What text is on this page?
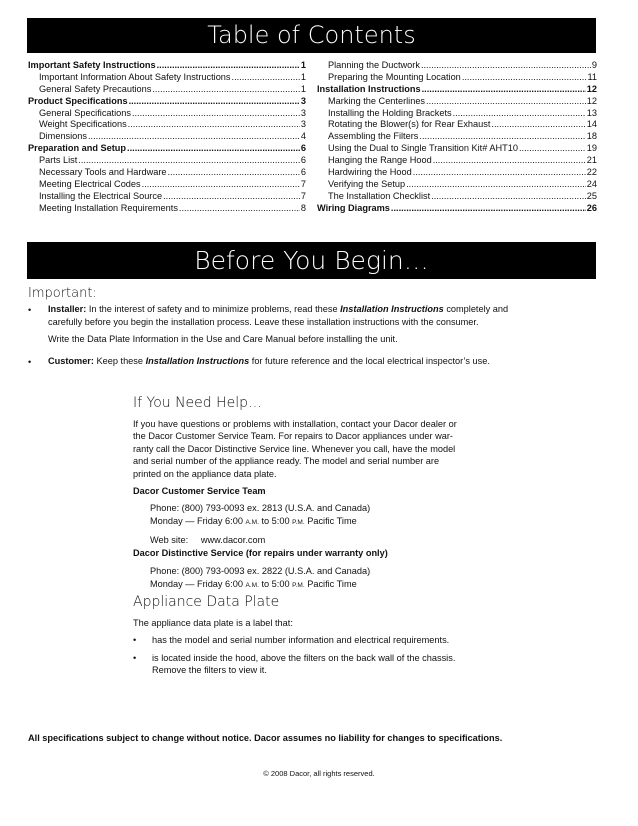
Table of Contents
Important Safety Instructions .....	1
Important Information About Safety Instructions .....	1
General Safety Precautions .....	1
Product Specifications .....	3
General Specifications .....	3
Weight Specifications .....	3
Dimensions .....	4
Preparation and Setup .....	6
Parts List .....	6
Necessary Tools and Hardware .....	6
Meeting Electrical Codes .....	7
Installing the Electrical Source .....	7
Meeting Installation Requirements .....	8
Planning the Ductwork .....	9
Preparing the Mounting Location .....	11
Installation Instructions .....	12
Marking the Centerlines .....	12
Installing the Holding Brackets .....	13
Rotating the Blower(s) for Rear Exhaust .....	14
Assembling the Filters .....	18
Using the Dual to Single Transition Kit# AHT10 .....	19
Hanging the Range Hood .....	21
Hardwiring the Hood .....	22
Verifying the Setup .....	24
The Installation Checklist .....	25
Wiring Diagrams .....	26
Before You Begin…
Important:
• Installer: In the interest of safety and to minimize problems, read these Installation Instructions completely and
carefully before you begin the installation process. Leave these installation instructions with the consumer.
Write the Data Plate Information in the Use and Care Manual before installing the unit.
• Customer: Keep these Installation Instructions for future reference and the local electrical inspector’s use.
If You Need Help…
If you have questions or problems with installation, contact your Dacor dealer or
the Dacor Customer Service Team. For repairs to Dacor appliances under war-
ranty call the Dacor Distinctive Service line. Whenever you call, have the model
and serial number of the appliance ready. The model and serial number are
printed on the appliance data plate.
Dacor Customer Service Team
Phone: (800) 793-0093 ex. 2813 (U.S.A. and Canada)
Monday — Friday 6:00 A.M. to 5:00 P.M. Pacific Time
Web site:     www.dacor.com
Dacor Distinctive Service (for repairs under warranty only)
Phone: (800) 793-0093 ex. 2822 (U.S.A. and Canada)
Monday — Friday 6:00 A.M. to 5:00 P.M. Pacific Time
Appliance Data Plate
The appliance data plate is a label that:
• has the model and serial number information and electrical requirements.
• is located inside the hood, above the filters on the back wall of the chassis.
Remove the filters to view it.
All specifications subject to change without notice. Dacor assumes no liability for changes to specifications.
© 2008 Dacor, all rights reserved.
